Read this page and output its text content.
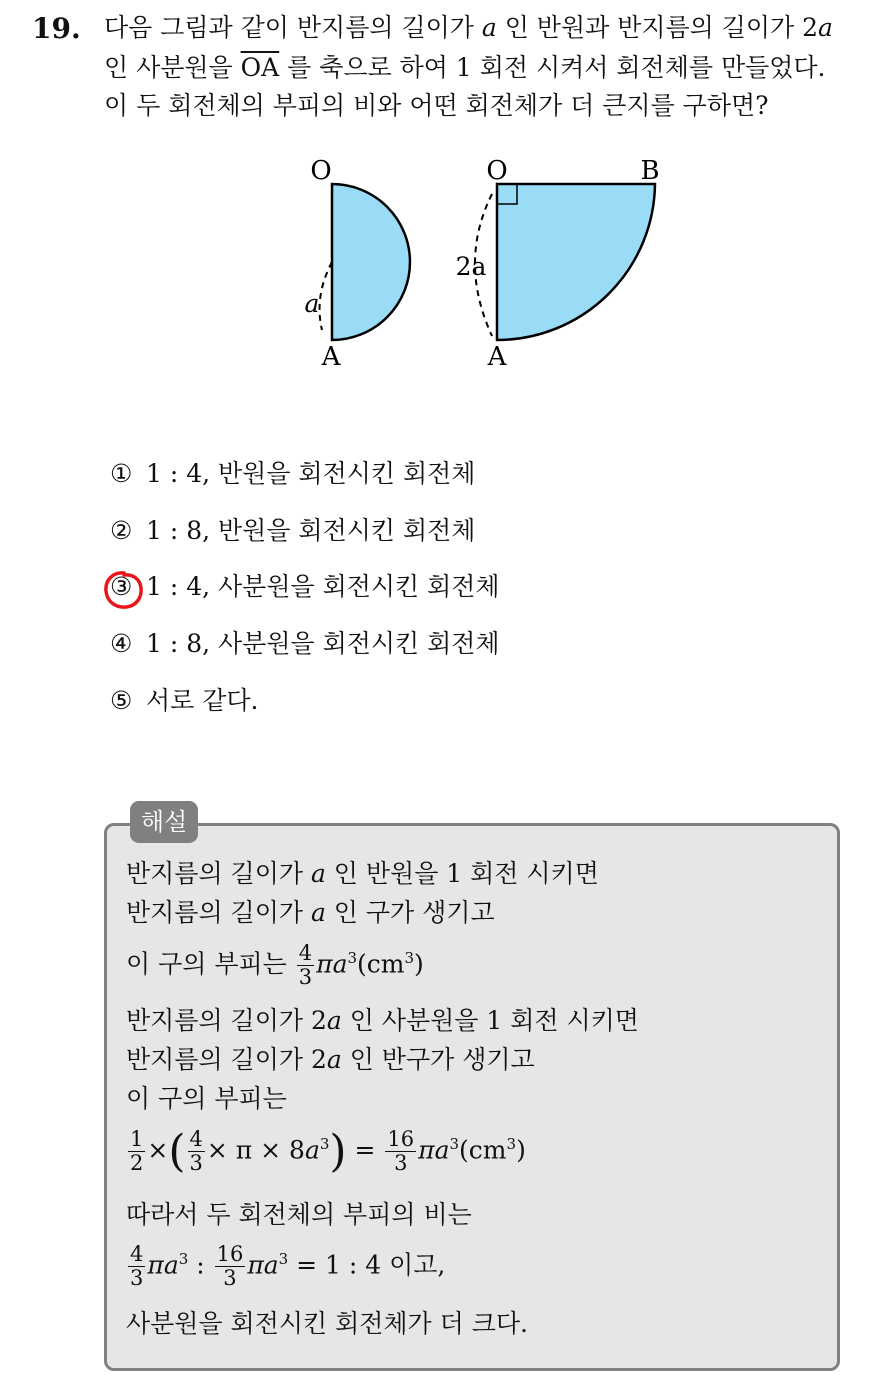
19. 다음 그림과 같이 반지름의 길이가 a 인 반원과 반지름의 길이가 2a
인 사분원을 $\overline{OA}$ 를 축으로 하여 1 회전 시켜서 회전체를 만들었다.
이 두 회전체의 부피의 비와 어떤 회전체가 더 큰지를 구하면?
O
A
a
O	B
A
2a
① 1 : 4, 반원을 회전시킨 회전체
② 1 : 8, 반원을 회전시킨 회전체
③ 1 : 4, 사분원을 회전시킨 회전체
④ 1 : 8, 사분원을 회전시킨 회전체
⑤ 서로 같다.
해설
반지름의 길이가 a 인 반원을 1 회전 시키면
반지름의 길이가 a 인 구가 생기고
이 구의 부피는 $\frac{4}{3} \pi a^3(cm^3)$
반지름의 길이가 2a 인 사분원을 1 회전 시키면
반지름의 길이가 2a 인 반구가 생기고
이 구의 부피는
$\frac{1}{2}$ ×( $\frac{4}{3} \times \pi \times 8a^3) = \frac{16}{3} \pi a^3(cm^3)$
따라서 두 회전체의 부피의 비는
$\frac{4}{3} \pi a^3$ : $\frac{16}{3} \pi a^3 = 1$ : 4 이고,
사분원을 회전시킨 회전체가 더 크다.
